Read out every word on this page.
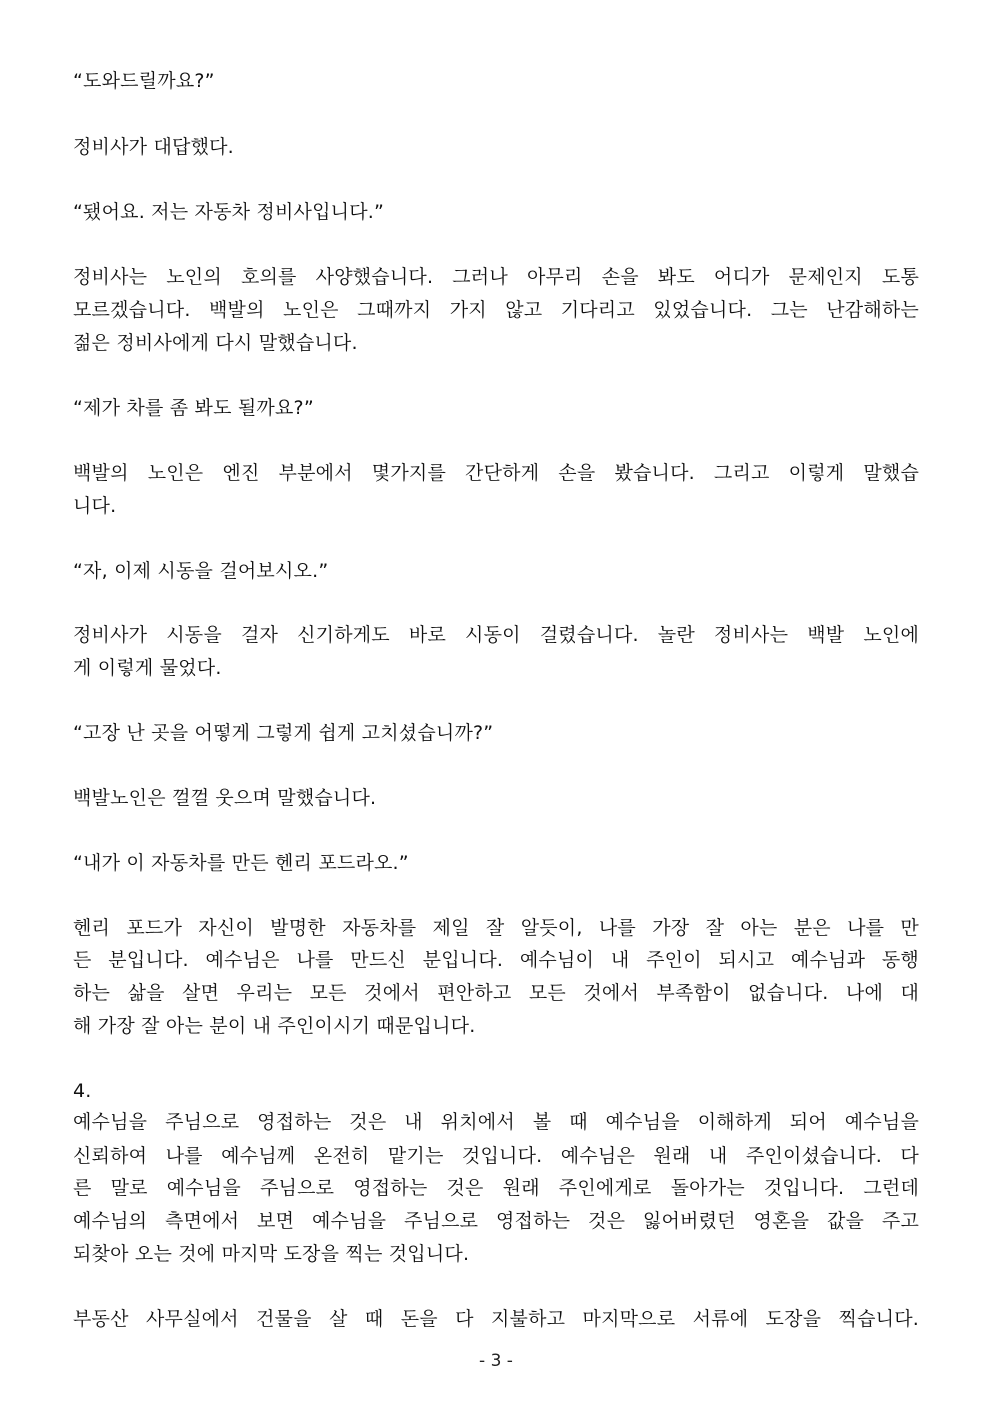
“도와드릴까요?”
정비사가 대답했다.
“됐어요. 저는 자동차 정비사입니다.”
정비사는 노인의 호의를 사양했습니다. 그러나 아무리 손을 봐도 어디가 문제인지 도통
모르겠습니다. 백발의 노인은 그때까지 가지 않고 기다리고 있었습니다. 그는 난감해하는
젊은 정비사에게 다시 말했습니다.
“제가 차를 좀 봐도 될까요?”
백발의 노인은 엔진 부분에서 몇가지를 간단하게 손을 봤습니다. 그리고 이렇게 말했습
니다.
“자, 이제 시동을 걸어보시오.”
정비사가 시동을 걸자 신기하게도 바로 시동이 걸렸습니다. 놀란 정비사는 백발 노인에
게 이렇게 물었다.
“고장 난 곳을 어떻게 그렇게 쉽게 고치셨습니까?”
백발노인은 껄껄 웃으며 말했습니다.
“내가 이 자동차를 만든 헨리 포드라오.”
헨리 포드가 자신이 발명한 자동차를 제일 잘 알듯이, 나를 가장 잘 아는 분은 나를 만
든 분입니다. 예수님은 나를 만드신 분입니다. 예수님이 내 주인이 되시고 예수님과 동행
하는 삶을 살면 우리는 모든 것에서 편안하고 모든 것에서 부족함이 없습니다. 나에 대
해 가장 잘 아는 분이 내 주인이시기 때문입니다.
4.
예수님을 주님으로 영접하는 것은 내 위치에서 볼 때 예수님을 이해하게 되어 예수님을
신뢰하여 나를 예수님께 온전히 맡기는 것입니다. 예수님은 원래 내 주인이셨습니다. 다
른 말로 예수님을 주님으로 영접하는 것은 원래 주인에게로 돌아가는 것입니다. 그런데
예수님의 측면에서 보면 예수님을 주님으로 영접하는 것은 잃어버렸던 영혼을 값을 주고
되찾아 오는 것에 마지막 도장을 찍는 것입니다.
부동산 사무실에서 건물을 살 때 돈을 다 지불하고 마지막으로 서류에 도장을 찍습니다.
- 3 -
